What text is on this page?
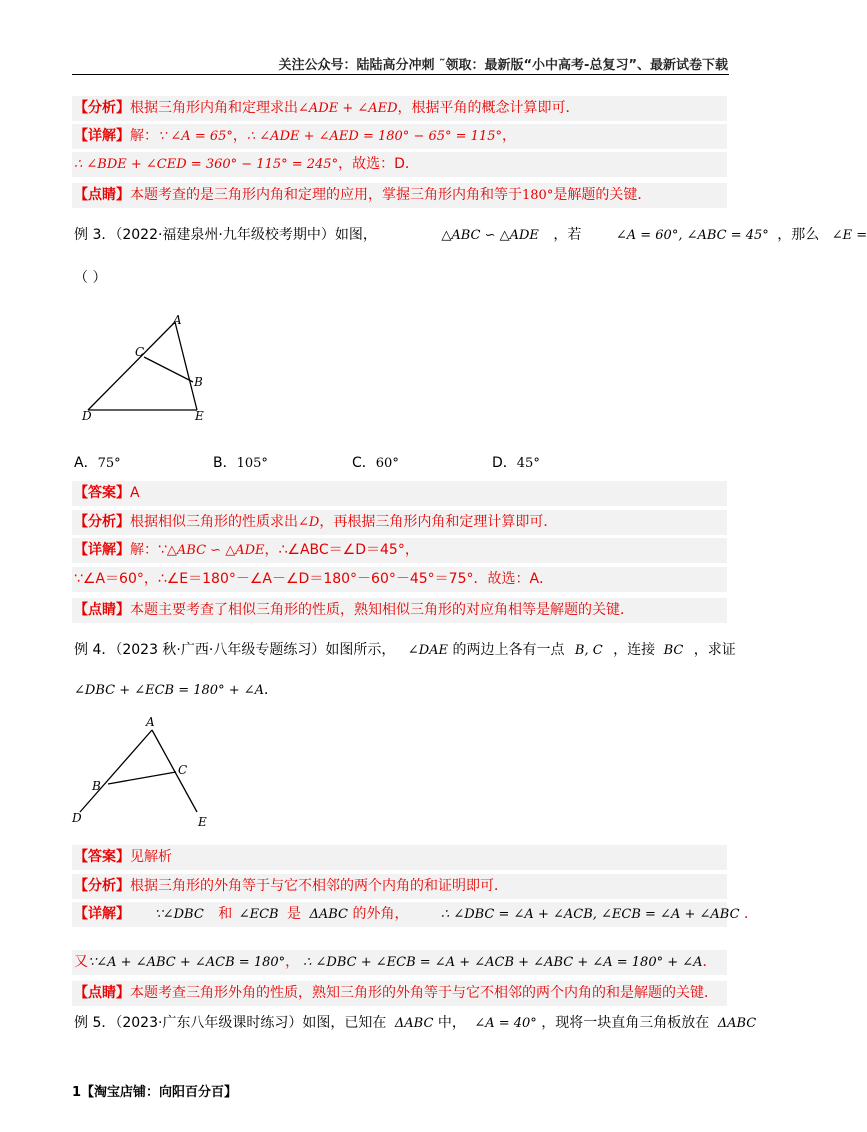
关注公众号：陆陆高分冲刺 ˜领取：最新版“小中高考-总复习”、最新试卷下载
【分析】根据三角形内角和定理求出∠ADE + ∠AED，根据平角的概念计算即可．
【详解】解：∵ ∠A = 65°，∴ ∠ADE + ∠AED = 180° − 65° = 115°，
∴ ∠BDE + ∠CED = 360° − 115° = 245°，故选：D．
【点睛】本题考查的是三角形内角和定理的应用，掌握三角形内角和等于180°是解题的关键．
例 3．（2022·福建泉州·九年级校考期中）如图，	△ABC ∽ △ADE ，若	∠A = 60°, ∠ABC = 45° ，那么 ∠E =
（ ）
A
C
B
D	E
A．75°	B．105°	C．60°	D．45°
【答案】A
【分析】根据相似三角形的性质求出∠D，再根据三角形内角和定理计算即可．
【详解】解：∵△ABC ∽ △ADE，∴∠ABC＝∠D＝45°，
∵∠A＝60°，∴∠E＝180°－∠A－∠D＝180°－60°－45°＝75°．故选：A．
【点睛】本题主要考查了相似三角形的性质，熟知相似三角形的对应角相等是解题的关键．
例 4．（2023 秋·广西·八年级专题练习）如图所示， ∠DAE 的两边上各有一点 B, C ，连接 BC ，求证
∠DBC + ∠ECB = 180° + ∠A．
A
B
C
D	E
【答案】见解析
【分析】根据三角形的外角等于与它不相邻的两个内角的和证明即可．
【详解】 ∵∠DBC 和 ∠ECB 是 ΔABC 的外角， ∴ ∠DBC = ∠A + ∠ACB, ∠ECB = ∠A + ∠ABC ．
又∵∠A + ∠ABC + ∠ACB = 180°， ∴ ∠DBC + ∠ECB = ∠A + ∠ACB + ∠ABC + ∠A = 180° + ∠A．
【点睛】本题考查三角形外角的性质，熟知三角形的外角等于与它不相邻的两个内角的和是解题的关键．
例 5．（2023·广东八年级课时练习）如图，已知在 ΔABC 中， ∠A = 40° ，现将一块直角三角板放在 ΔABC
1【淘宝店铺：向阳百分百】
